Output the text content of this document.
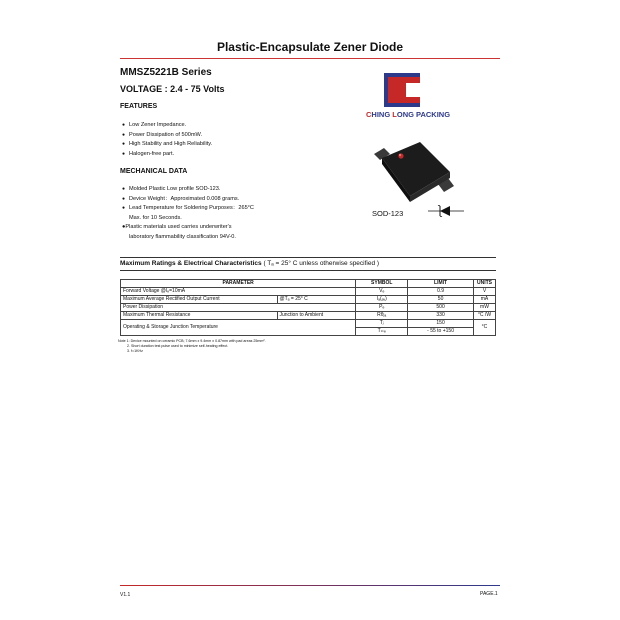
Plastic-Encapsulate Zener Diode
MMSZ5221B Series
VOLTAGE : 2.4 - 75 Volts
CHING LONG PACKING
FEATURES
● Low Zener Impedance.
● Power Dissipation of 500mW.
● High Stability and High Reliability.
● Halogen-free part.
MECHANICAL DATA
● Molded Plastic Low profile SOD-123.
● Device Weight：Approximated 0.008 grams.
● Lead Temperature for Soldering Purposes：265°C
Max. for 10 Seconds.
●Plastic materials used carries underwriter's
laboratory flammability classification 94V-0.
SOD-123
Maximum Ratings & Electrical Characteristics ( Tₐ = 25° C unless otherwise specified )
PARAMETER		SYMBOL	LIMIT	UNITS
Forward Voltage @Iₑ=10mA		Vₑ	0.9	V
Maximum Average Rectified Output Current	@Tₐ = 25° C	Iₐ(ₐᵥ)	50	mA
Power Dissipation		Pₑ	500	mW
Maximum Thermal Resistance	Junction to Ambient	Rθⱼₐ	330	°C /W
Operating & Storage Junction Temperature		Tⱼ	150	°C
		Tₛₜₑ	- 55 to +150	
Note 1: Device mounted on ceramic PCB; 7.6mm x 9.4mm x 0.87mm with pad areas 25mm².
2. Short duration test pulse used to minimize self-heating effect.
3. f=1KHz
V1.1	PAGE.1
